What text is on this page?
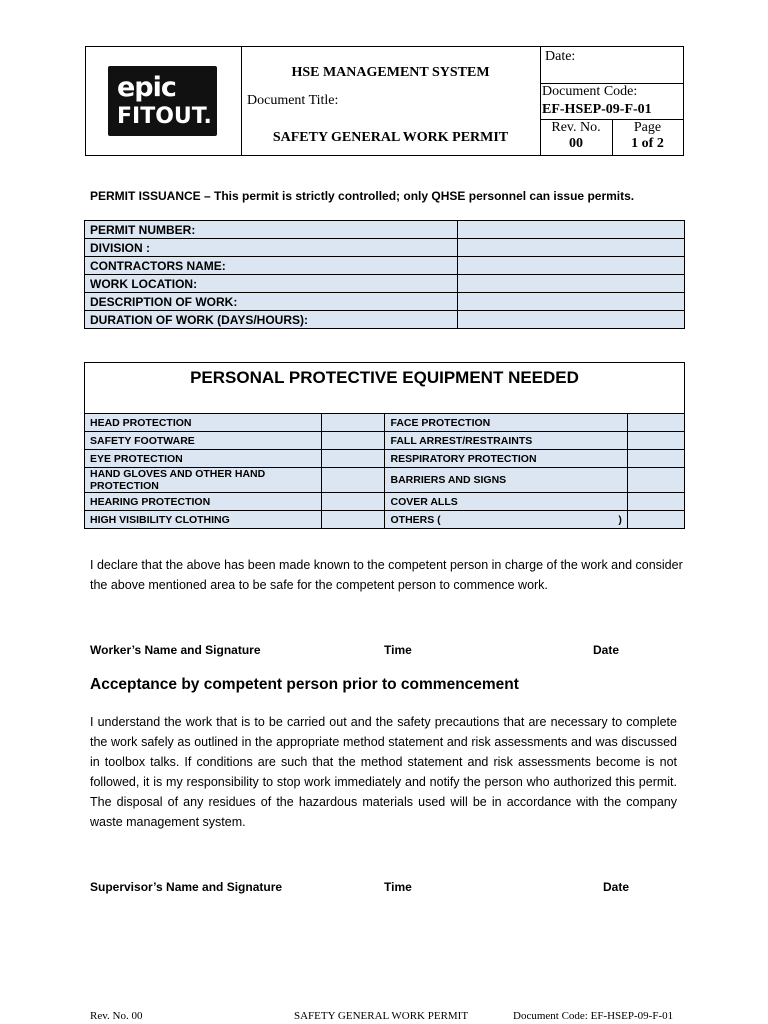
epic
FITOUT.
HSE MANAGEMENT SYSTEM
Document Title:
SAFETY GENERAL WORK PERMIT
Date:
Document Code:
EF-HSEP-09-F-01
Rev. No.
00
Page
1 of 2
PERMIT ISSUANCE – This permit is strictly controlled; only QHSE personnel can issue permits.
PERMIT NUMBER:	
DIVISION :	
CONTRACTORS NAME:	
WORK LOCATION:	
DESCRIPTION OF WORK:	
DURATION OF WORK (DAYS/HOURS):	
PERSONAL PROTECTIVE EQUIPMENT NEEDED
HEAD PROTECTION		FACE PROTECTION	
SAFETY FOOTWARE		FALL ARREST/RESTRAINTS	
EYE PROTECTION		RESPIRATORY PROTECTION	
HAND GLOVES AND OTHER HAND PROTECTION		BARRIERS AND SIGNS	
HEARING PROTECTION		COVER ALLS	
HIGH VISIBILITY CLOTHING		OTHERS ( )	

I declare that the above has been made known to the competent person in charge of the work and consider the above mentioned area to be safe for the competent person to commence work.
Worker’s Name and Signature	Time	Date
Acceptance by competent person prior to commencement
I understand the work that is to be carried out and the safety precautions that are necessary to complete the work safely as outlined in the appropriate method statement and risk assessments and was discussed in toolbox talks. If conditions are such that the method statement and risk assessments become is not followed, it is my responsibility to stop work immediately and notify the person who authorized this permit. The disposal of any residues of the hazardous materials used will be in accordance with the company waste management system.
Supervisor’s Name and Signature	Time	Date
Rev. No. 00	SAFETY GENERAL WORK PERMIT	Document Code: EF-HSEP-09-F-01
